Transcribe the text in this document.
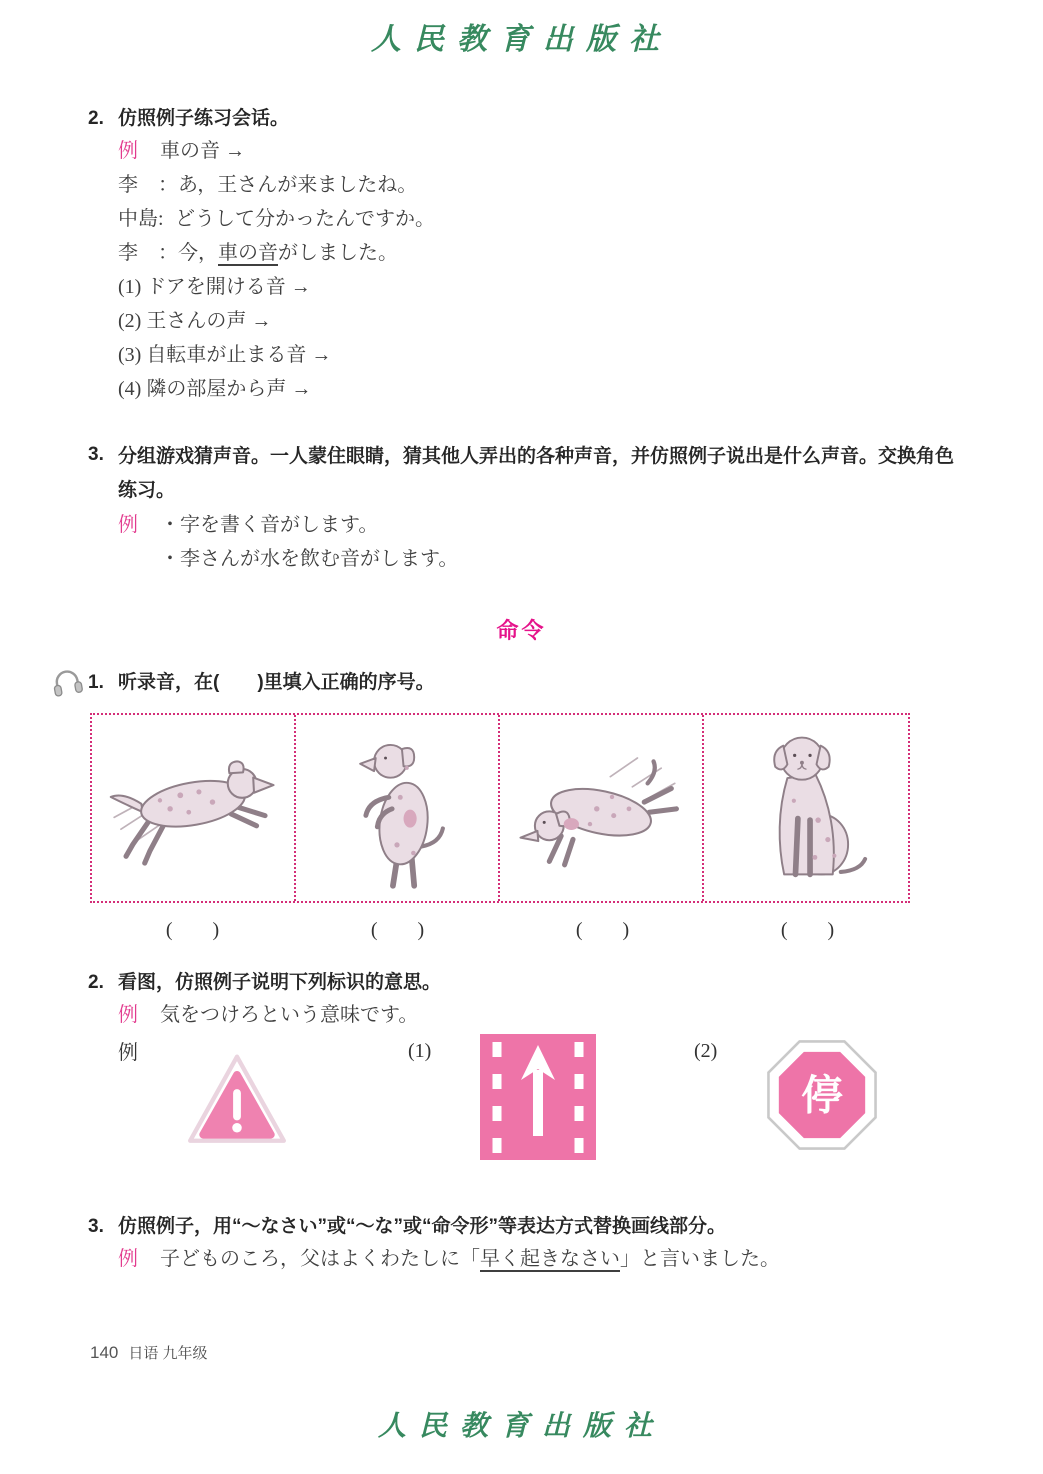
人民教育出版社
2. 仿照例子练习会话。
例 車の音 →
李　：あ，王さんが来ましたね。
中島: どうして分かったんですか。
李　：今，車の音がしました。
(1) ドアを開ける音 →
(2) 王さんの声 →
(3) 自転車が止まる音 →
(4) 隣の部屋から声 →
3. 分组游戏猜声音。一人蒙住眼睛，猜其他人弄出的各种声音，并仿照例子说出是什么声音。交换角色练习。
例 ・字を書く音がします。
・李さんが水を飲む音がします。
命令
1. 听录音，在(　　)里填入正确的序号。
(　　)	(　　)	(　　)	(　　)
2. 看图，仿照例子说明下列标识的意思。
例 気をつけろという意味です。
例	(1)	(2)
停
3. 仿照例子，用“～なさい”或“～な”或“命令形”等表达方式替换画线部分。
例 子どものころ，父はよくわたしに「早く起きなさい」と言いました。
140 日语 九年级
人民教育出版社
